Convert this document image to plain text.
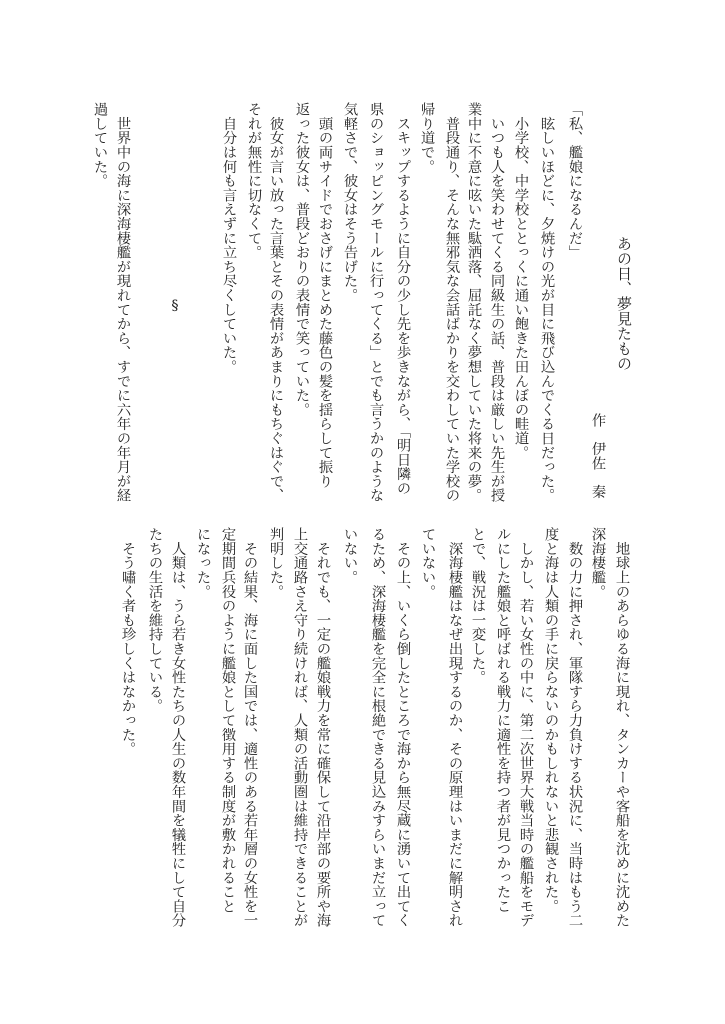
あの日、夢見たもの
作　伊佐　秦
§
「私、艦娘になるんだ」
　眩しいほどに、夕焼けの光が目に飛び込んでくる日だった。
　小学校、中学校ととっくに通い飽きた田んぼの畦道。
　いつも人を笑わせてくる同級生の話、普段は厳しい先生が授
業中に不意に呟いた駄洒落、屈託なく夢想していた将来の夢。
　普段通り、そんな無邪気な会話ばかりを交わしていた学校の
帰り道で。
　スキップするように自分の少し先を歩きながら、「明日隣の
県のショッピングモールに行ってくる」とでも言うかのような
気軽さで、彼女はそう告げた。
　頭の両サイドでおさげにまとめた藤色の髪を揺らして振り
返った彼女は、普段どおりの表情で笑っていた。
　彼女が言い放った言葉とその表情があまりにもちぐはぐで、
それが無性に切なくて。
　自分は何も言えずに立ち尽くしていた。
　世界中の海に深海棲艦が現れてから、すでに六年の年月が経
過していた。
　地球上のあらゆる海に現れ、タンカーや客船を沈めに沈めた
深海棲艦。
　数の力に押され、軍隊すら力負けする状況に、当時はもう二
度と海は人類の手に戻らないのかもしれないと悲観された。
　しかし、若い女性の中に、第二次世界大戦当時の艦船をモデ
ルにした艦娘と呼ばれる戦力に適性を持つ者が見つかったこ
とで、戦況は一変した。
　深海棲艦はなぜ出現するのか、その原理はいまだに解明され
ていない。
　その上、いくら倒したところで海から無尽蔵に湧いて出てく
るため、深海棲艦を完全に根絶できる見込みすらいまだ立って
いない。
　それでも、一定の艦娘戦力を常に確保して沿岸部の要所や海
上交通路さえ守り続ければ、人類の活動圏は維持できることが
判明した。
　その結果、海に面した国では、適性のある若年層の女性を一
定期間兵役のように艦娘として徴用する制度が敷かれること
になった。
　人類は、うら若き女性たちの人生の数年間を犠牲にして自分
たちの生活を維持している。
　そう嘯く者も珍しくはなかった。
